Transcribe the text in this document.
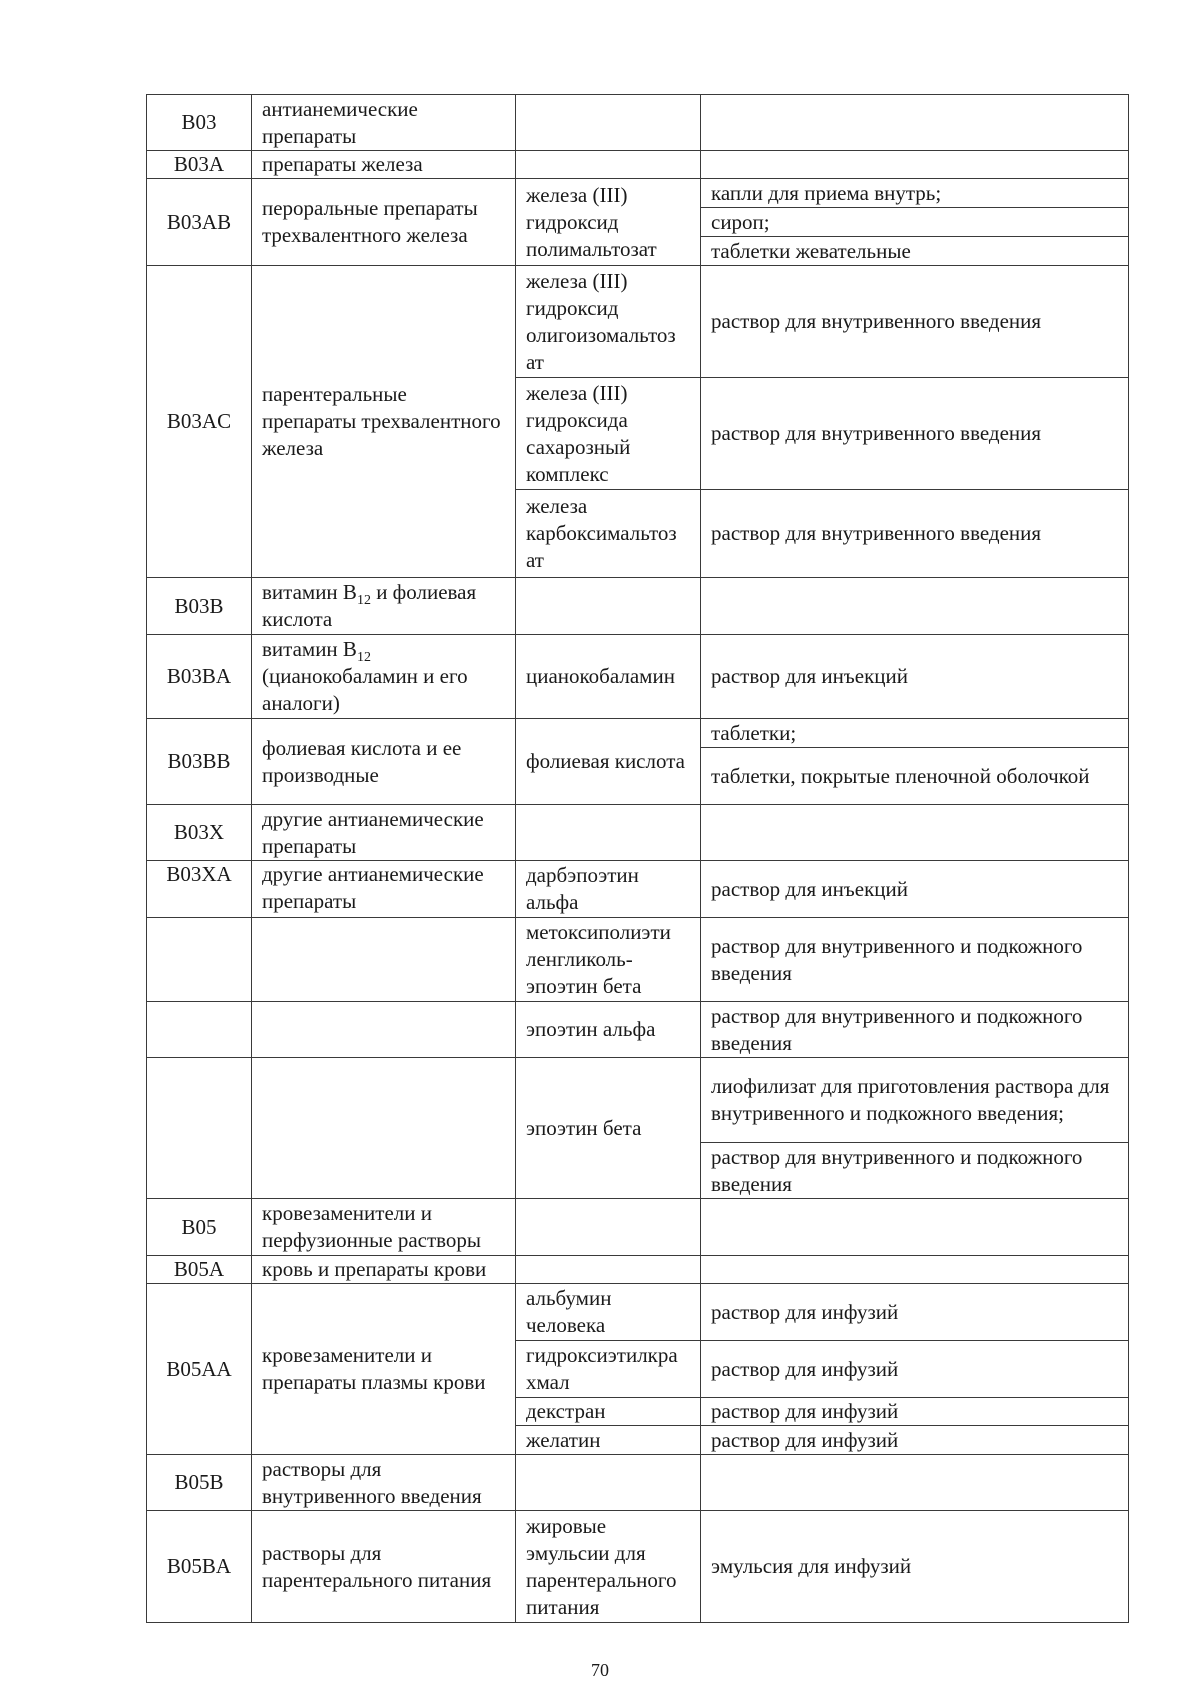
B03	антианемические препараты		
B03A	препараты железа		
B03AB	пероральные препараты трехвалентного железа	железа (III) гидроксид полимальтозат	капли для приема внутрь;
			сироп;
			таблетки жевательные
B03AC	парентеральные препараты трехвалентного железа	железа (III) гидроксид олигоизомальтоз ат	раствор для внутривенного введения
		железа (III) гидроксида сахарозный комплекс	раствор для внутривенного введения
		железа карбоксимальтоз ат	раствор для внутривенного введения
B03B	витамин $B_{12}$ и фолиевая кислота		
B03BA	витамин $B_{12}$ (цианокобаламин и его аналоги)	цианокобаламин	раствор для инъекций
B03BB	фолиевая кислота и ее производные	фолиевая кислота	таблетки;
			таблетки, покрытые пленочной оболочкой
B03X	другие антианемические препараты		
B03XA	другие антианемические препараты	дарбэпоэтин альфа	раствор для инъекций
		метоксиполиэти ленгликоль-эпоэтин бета	раствор для внутривенного и подкожного введения
		эпоэтин альфа	раствор для внутривенного и подкожного введения
		эпоэтин бета	лиофилизат для приготовления раствора для внутривенного и подкожного введения;
			раствор для внутривенного и подкожного введения
B05	кровезаменители и перфузионные растворы		
B05A	кровь и препараты крови		
B05AA	кровезаменители и препараты плазмы крови	альбумин человека	раствор для инфузий
		гидроксиэтилкра хмал	раствор для инфузий
		декстран	раствор для инфузий
		желатин	раствор для инфузий
B05B	растворы для внутривенного введения		
B05BA	растворы для парентерального питания	жировые эмульсии для парентерального питания	эмульсия для инфузий
70
